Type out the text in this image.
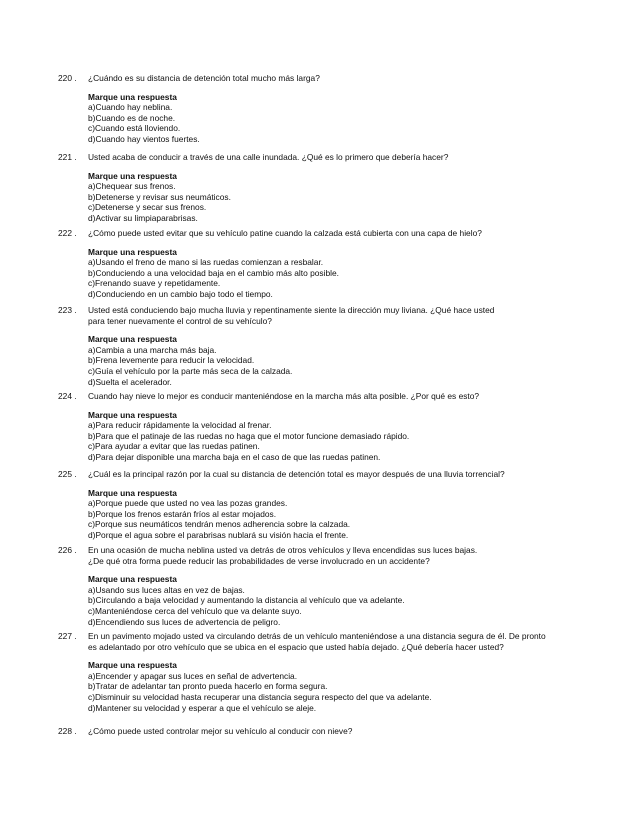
220 .	¿Cuándo es su distancia de detención total mucho más larga?
Marque una respuesta
a)Cuando hay neblina.
b)Cuando es de noche.
c)Cuando está lloviendo.
d)Cuando hay vientos fuertes.
221 .	Usted acaba de conducir a través de una calle inundada. ¿Qué es lo primero que debería hacer?
Marque una respuesta
a)Chequear sus frenos.
b)Detenerse y revisar sus neumáticos.
c)Detenerse y secar sus frenos.
d)Activar su limpiaparabrisas.
222 .	¿Cómo puede usted evitar que su vehículo patine cuando la calzada está cubierta con una capa de hielo?
Marque una respuesta
a)Usando el freno de mano si las ruedas comienzan a resbalar.
b)Conduciendo a una velocidad baja en el cambio más alto posible.
c)Frenando suave y repetidamente.
d)Conduciendo en un cambio bajo todo el tiempo.
223 .	Usted está conduciendo bajo mucha lluvia y repentinamente siente la dirección muy liviana. ¿Qué hace usted
para tener nuevamente el control de su vehículo?
Marque una respuesta
a)Cambia a una marcha más baja.
b)Frena levemente para reducir la velocidad.
c)Guía el vehículo por la parte más seca de la calzada.
d)Suelta el acelerador.
224 .	Cuando hay nieve lo mejor es conducir manteniéndose en la marcha más alta posible. ¿Por qué es esto?
Marque una respuesta
a)Para reducir rápidamente la velocidad al frenar.
b)Para que el patinaje de las ruedas no haga que el motor funcione demasiado rápido.
c)Para ayudar a evitar que las ruedas patinen.
d)Para dejar disponible una marcha baja en el caso de que las ruedas patinen.
225 .	¿Cuál es la principal razón por la cual su distancia de detención total es mayor después de una lluvia torrencial?
Marque una respuesta
a)Porque puede que usted no vea las pozas grandes.
b)Porque los frenos estarán fríos al estar mojados.
c)Porque sus neumáticos tendrán menos adherencia sobre la calzada.
d)Porque el agua sobre el parabrisas nublará su visión hacia el frente.
226 .	En una ocasión de mucha neblina usted va detrás de otros vehículos y lleva encendidas sus luces bajas.
¿De qué otra forma puede reducir las probabilidades de verse involucrado en un accidente?
Marque una respuesta
a)Usando sus luces altas en vez de bajas.
b)Circulando a baja velocidad y aumentando la distancia al vehículo que va adelante.
c)Manteniéndose cerca del vehículo que va delante suyo.
d)Encendiendo sus luces de advertencia de peligro.
227 .	En un pavimento mojado usted va circulando detrás de un vehículo manteniéndose a una distancia segura de él. De pronto
es adelantado por otro vehículo que se ubica en el espacio que usted había dejado. ¿Qué debería hacer usted?
Marque una respuesta
a)Encender y apagar sus luces en señal de advertencia.
b)Tratar de adelantar tan pronto pueda hacerlo en forma segura.
c)Disminuir su velocidad hasta recuperar una distancia segura respecto del que va adelante.
d)Mantener su velocidad y esperar a que el vehículo se aleje.
228 .	¿Cómo puede usted controlar mejor su vehículo al conducir con nieve?
